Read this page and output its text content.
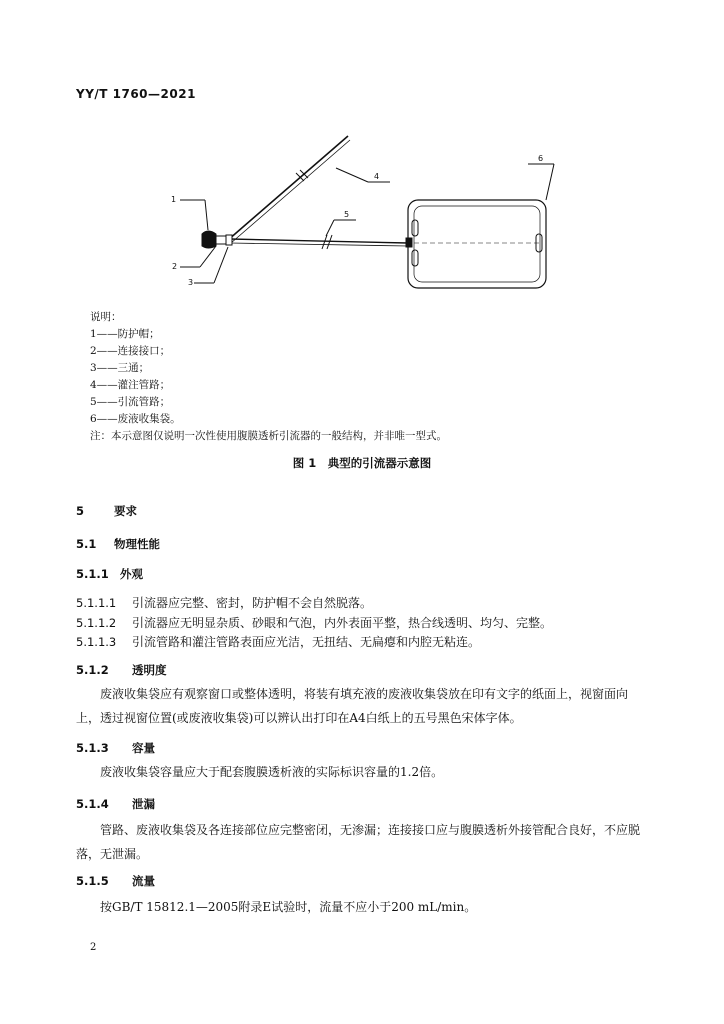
YY/T 1760—2021
1
2
3
4
5
6
说明：
1——防护帽；
2——连接接口；
3——三通；
4——灌注管路；
5——引流管路；
6——废液收集袋。
注：本示意图仅说明一次性使用腹膜透析引流器的一般结构，并非唯一型式。
图 1　典型的引流器示意图
5	要求
5.1 物理性能
5.1.1 外观
5.1.1.1 引流器应完整、密封，防护帽不会自然脱落。
5.1.1.2 引流器应无明显杂质、砂眼和气泡，内外表面平整，热合线透明、均匀、完整。
5.1.1.3 引流管路和灌注管路表面应光洁，无扭结、无扁瘪和内腔无粘连。
5.1.2 透明度
废液收集袋应有观察窗口或整体透明，将装有填充液的废液收集袋放在印有文字的纸面上，视窗面向上，透过视窗位置(或废液收集袋)可以辨认出打印在A4白纸上的五号黑色宋体字体。
5.1.3 容量
废液收集袋容量应大于配套腹膜透析液的实际标识容量的1.2倍。
5.1.4 泄漏
管路、废液收集袋及各连接部位应完整密闭，无渗漏；连接接口应与腹膜透析外接管配合良好，不应脱落，无泄漏。
5.1.5 流量
按GB/T 15812.1—2005附录E试验时，流量不应小于200 mL/min。
2
